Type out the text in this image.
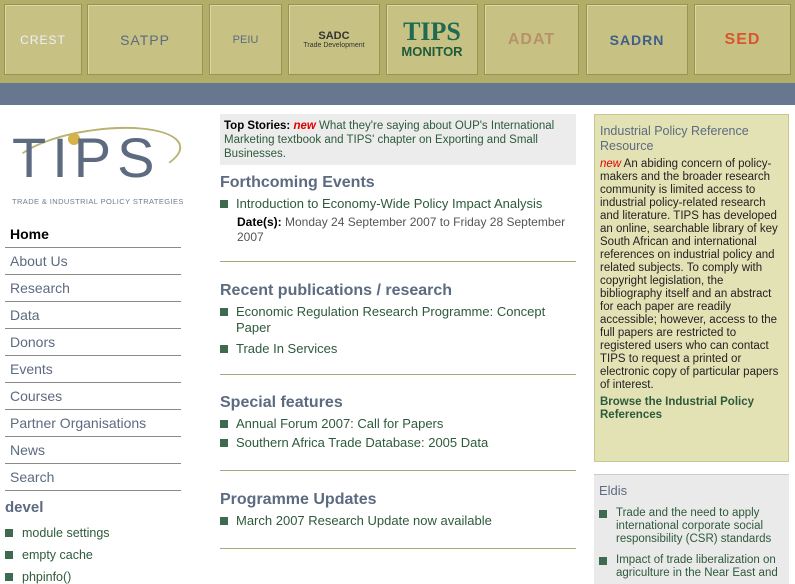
CREST	SATPP	PEIU	SADC
Trade Development TIPS
MONITOR
ADAT	SADRN	SED
TIPS
TRADE & INDUSTRIAL POLICY STRATEGIES
Home
About Us
Research
Data
Donors
Events
Courses
Partner Organisations
News
Search
devel
module settings
empty cache
phpinfo()
Top Stories: new What they're saying about OUP's International Marketing textbook and TIPS' chapter on Exporting and Small Businesses.
Forthcoming Events
Introduction to Economy-Wide Policy Impact Analysis
Date(s): Monday 24 September 2007 to Friday 28 September 2007
Recent publications / research
Economic Regulation Research Programme: Concept Paper
Trade In Services
Special features
Annual Forum 2007: Call for Papers
Southern Africa Trade Database: 2005 Data
Programme Updates
March 2007 Research Update now available
Industrial Policy Reference Resource

new An abiding concern of policy-makers and the broader research community is limited access to industrial policy-related research and literature. TIPS has developed an online, searchable library of key South African and international references on industrial policy and related subjects. To comply with copyright legislation, the bibliography itself and an abstract for each paper are readily accessible; however, access to the full papers are restricted to registered users who can contact TIPS to request a printed or electronic copy of particular papers of interest.

Browse the Industrial Policy References
Eldis
Trade and the need to apply international corporate social responsibility (CSR) standards
Impact of trade liberalization on agriculture in the Near East and
